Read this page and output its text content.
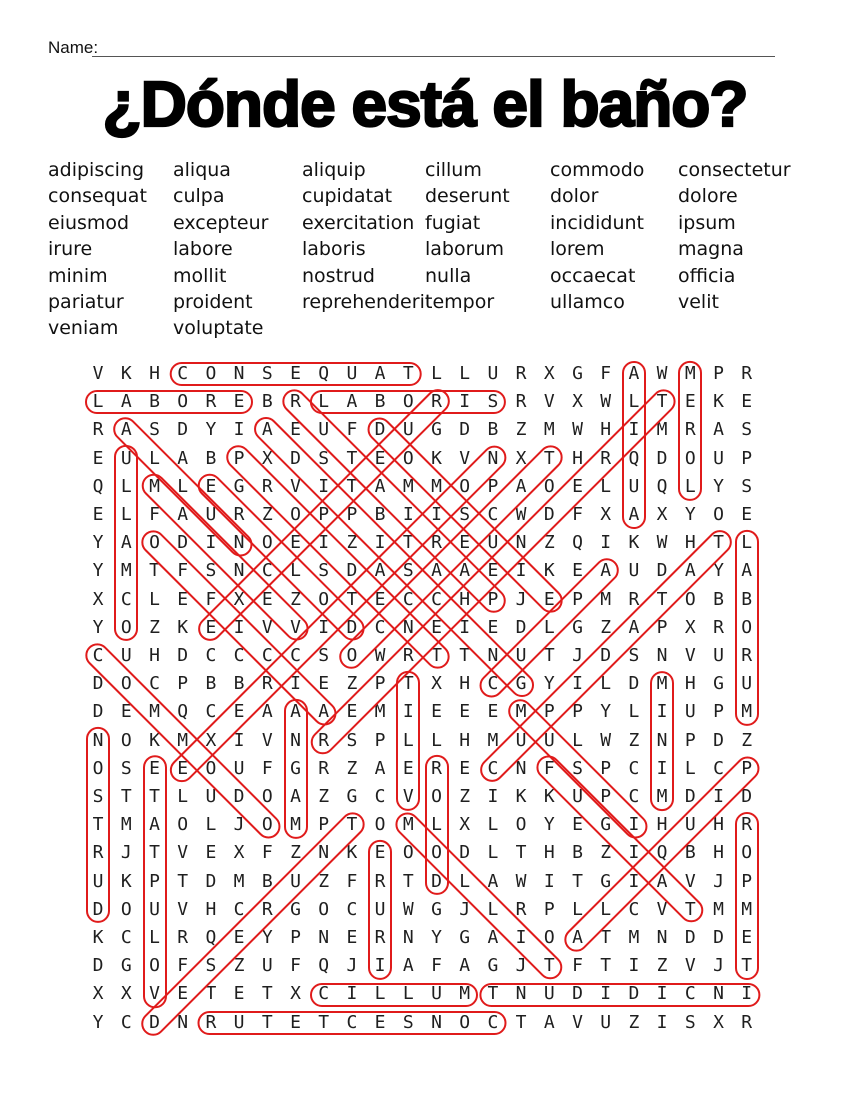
Name:
¿Dónde está el baño?
adipiscing
consequat
eiusmod
irure
minim
pariatur
veniam
aliqua
culpa
excepteur
labore
mollit
proident
voluptate
aliquip
cupidatat
exercitation
laboris
nostrud
reprehenderit
cillum
deserunt
fugiat
laborum
nulla
tempor
commodo
dolor
incididunt
lorem
occaecat
ullamco
consectetur
dolore
ipsum
magna
officia
velit
V K H C O N S E Q U A T L L U R X G F A W M P R
L A B O R E B R L A B O R I S R V X W L T E K E
R A S D Y I A E U F D U G D B Z M W H I M R A S
E U L A B P X D S T E O K V N X T H R Q D O U P
Q L M L E G R V I T A M M O P A O E L U Q L Y S
E L F A U R Z O P P B I I S C W D F X A X Y O E
Y A O D I N O E I Z I T R E U N Z Q I K W H T L
Y M T F S N C L S D A S A A E I K E A U D A Y A
X C L E F X E Z O T E C C H P J E P M R T O B B
Y O Z K E I V V I D C N E I E D L G Z A P X R O
C U H D C C C C S O W R T T N U T J D S N V U R
D O C P B B R I E Z P T X H C G Y I L D M H G U
D E M Q C E A A A E M I E E E M P P Y L I U P M
N O K M X I V N R S P L L H M U U L W Z N P D Z
O S E E O U F G R Z A E R E C N F S P C I L C P
S T T L U D O A Z G C V O Z I K K U P C M D I D
T M A O L J O M P T O M L X L O Y E G I H U H R
R J T V E X F Z N K E O O D L T H B Z I Q B H O
U K P T D M B U Z F R T D L A W I T G I A V J P
D O U V H C R G O C U W G J L R P L L C V T M M
K C L R Q E Y P N E R N Y G A I O A T M N D D E
D G O F S Z U F Q J I A F A G J T F T I Z V J T
X X V E T E T X C I L L U M T N U D I D I C N I
Y C D N R U T E T C E S N O C T A V U Z I S X R
